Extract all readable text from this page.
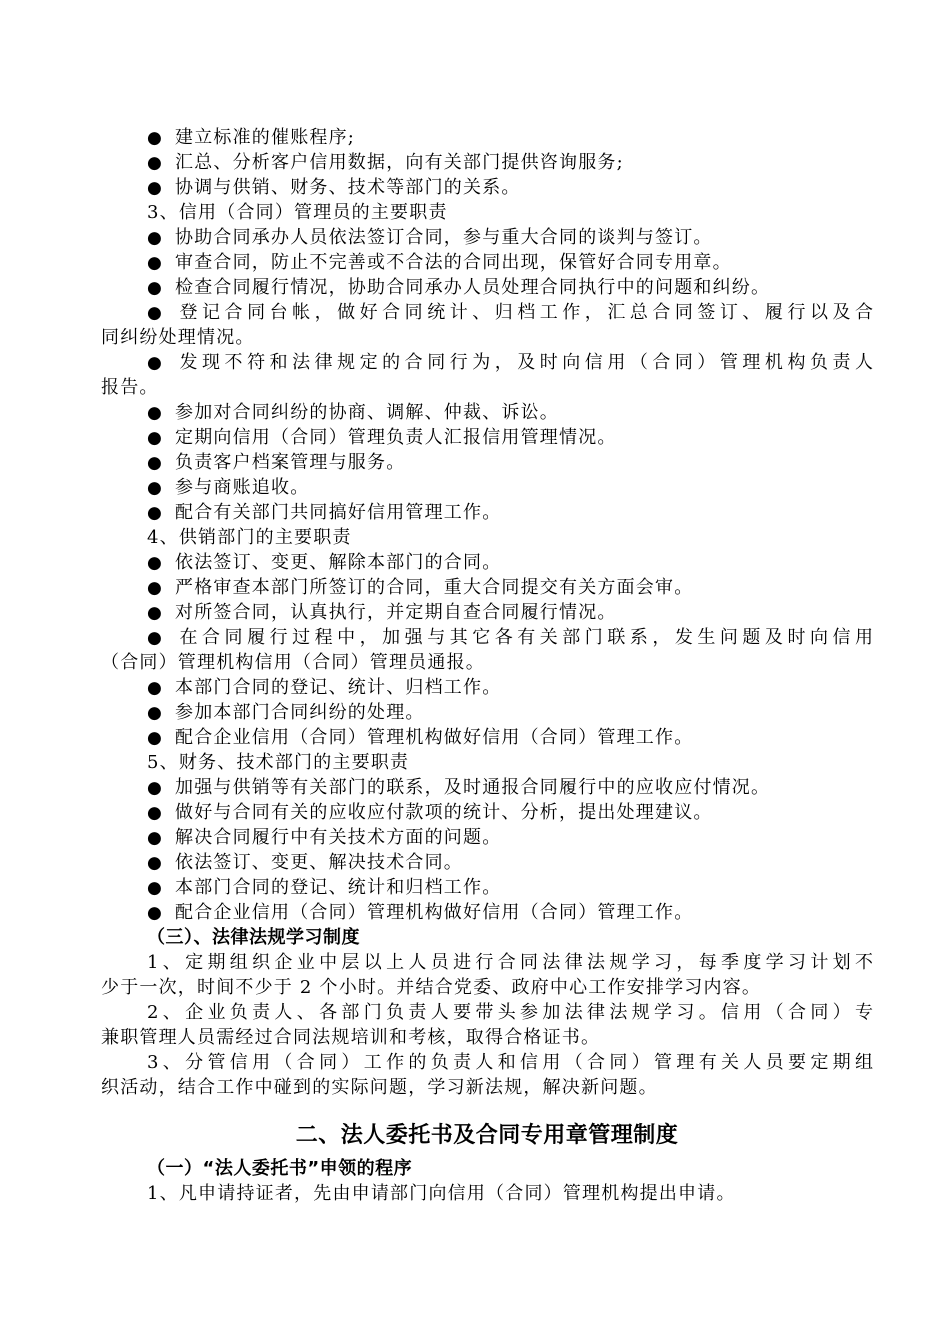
● 建立标准的催账程序;
● 汇总、分析客户信用数据，向有关部门提供咨询服务;
● 协调与供销、财务、技术等部门的关系。
3、信用（合同）管理员的主要职责
● 协助合同承办人员依法签订合同，参与重大合同的谈判与签订。
● 审查合同，防止不完善或不合法的合同出现，保管好合同专用章。
● 检查合同履行情况，协助合同承办人员处理合同执行中的问题和纠纷。
● 登记合同台帐，做好合同统计、归档工作，汇总合同签订、履行以及合
同纠纷处理情况。
● 发现不符和法律规定的合同行为，及时向信用（合同）管理机构负责人
报告。
● 参加对合同纠纷的协商、调解、仲裁、诉讼。
● 定期向信用（合同）管理负责人汇报信用管理情况。
● 负责客户档案管理与服务。
● 参与商账追收。
● 配合有关部门共同搞好信用管理工作。
4、供销部门的主要职责
● 依法签订、变更、解除本部门的合同。
● 严格审查本部门所签订的合同，重大合同提交有关方面会审。
● 对所签合同，认真执行，并定期自查合同履行情况。
● 在合同履行过程中，加强与其它各有关部门联系，发生问题及时向信用
（合同）管理机构信用（合同）管理员通报。
● 本部门合同的登记、统计、归档工作。
● 参加本部门合同纠纷的处理。
● 配合企业信用（合同）管理机构做好信用（合同）管理工作。
5、财务、技术部门的主要职责
● 加强与供销等有关部门的联系，及时通报合同履行中的应收应付情况。
● 做好与合同有关的应收应付款项的统计、分析，提出处理建议。
● 解决合同履行中有关技术方面的问题。
● 依法签订、变更、解决技术合同。
● 本部门合同的登记、统计和归档工作。
● 配合企业信用（合同）管理机构做好信用（合同）管理工作。
（三）、法律法规学习制度
1、定期组织企业中层以上人员进行合同法律法规学习，每季度学习计划不
少于一次，时间不少于 2 个小时。并结合党委、政府中心工作安排学习内容。
2、企业负责人、各部门负责人要带头参加法律法规学习。信用（合同）专
兼职管理人员需经过合同法规培训和考核，取得合格证书。
3、分管信用（合同）工作的负责人和信用（合同）管理有关人员要定期组
织活动，结合工作中碰到的实际问题，学习新法规，解决新问题。
二、法人委托书及合同专用章管理制度
（一）“法人委托书”申领的程序
1、凡申请持证者，先由申请部门向信用（合同）管理机构提出申请。
